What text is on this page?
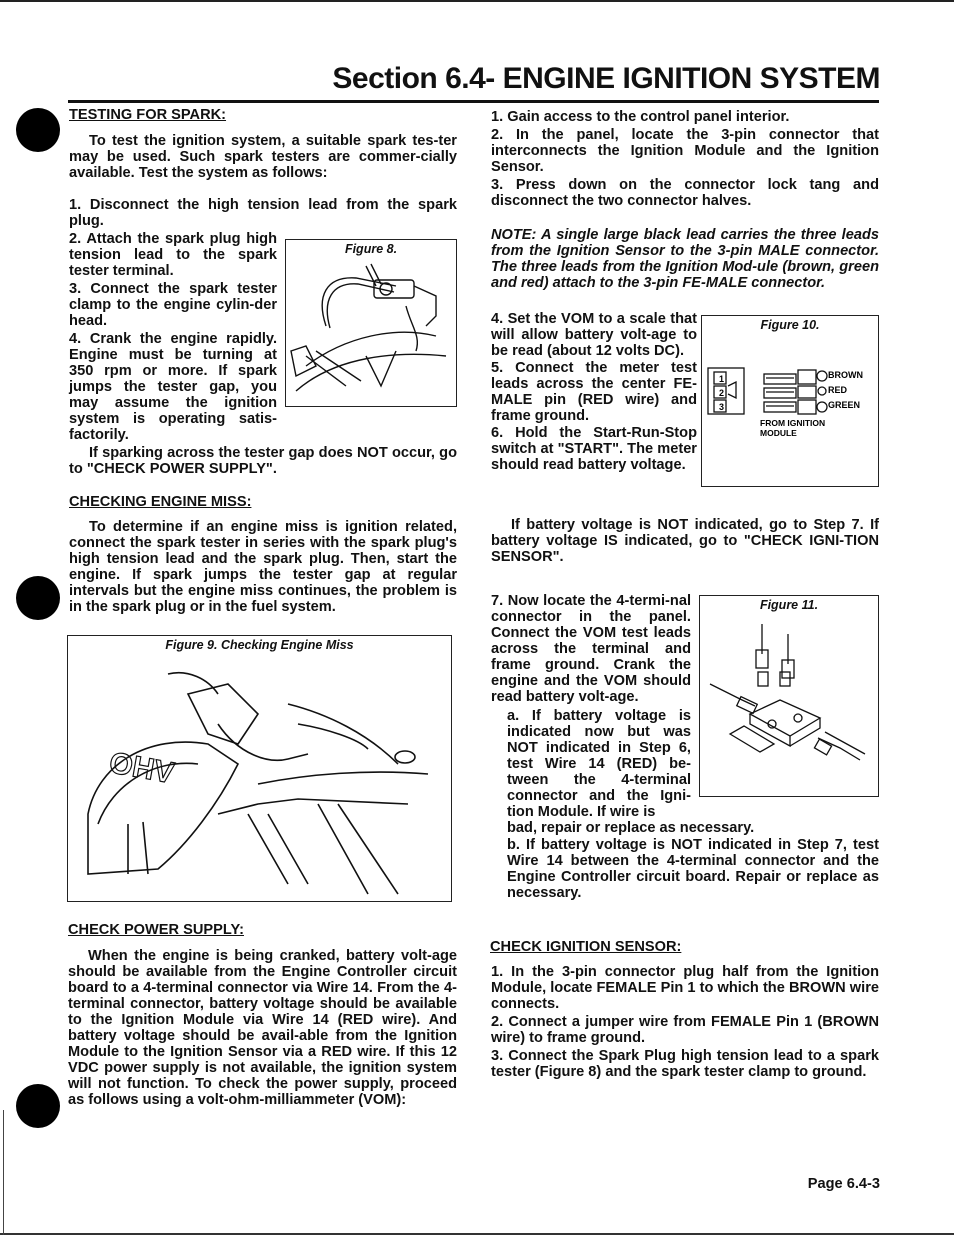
Section 6.4- ENGINE IGNITION SYSTEM

TESTING FOR SPARK:

To test the ignition system, a suitable spark tes-ter may be used. Such spark testers are commer-cially available. Test the system as follows:

1. Disconnect the high tension lead from the spark plug.

2. Attach the spark plug high tension lead to the spark tester terminal.

3. Connect the spark tester clamp to the engine cylin-der head.

4. Crank the engine rapidly. Engine must be turning at 350 rpm or more. If spark jumps the tester gap, you may assume the ignition system is operating satis-factorily.

Figure 8.

If sparking across the tester gap does NOT occur, go to "CHECK POWER SUPPLY".

CHECKING ENGINE MISS:

To determine if an engine miss is ignition related, connect the spark tester in series with the spark plug's high tension lead and the spark plug. Then, start the engine. If spark jumps the tester gap at regular intervals but the engine miss continues, the problem is in the spark plug or in the fuel system.

Figure 9. Checking Engine Miss
OHV

CHECK POWER SUPPLY:

When the engine is being cranked, battery volt-age should be available from the Engine Controller circuit board to a 4-terminal connector via Wire 14. From the 4-terminal connector, battery voltage should be available to the Ignition Module via Wire 14 (RED wire). And battery voltage should be avail-able from the Ignition Module to the Ignition Sensor via a RED wire. If this 12 VDC power supply is not available, the ignition system will not function. To check the power supply, proceed as follows using a volt-ohm-milliammeter (VOM):

1. Gain access to the control panel interior.

2. In the panel, locate the 3-pin connector that interconnects the Ignition Module and the Ignition Sensor.

3. Press down on the connector lock tang and disconnect the two connector halves.

NOTE: A single large black lead carries the three leads from the Ignition Sensor to the 3-pin MALE connector. The three leads from the Ignition Mod-ule (brown, green and red) attach to the 3-pin FE-MALE connector.

4. Set the VOM to a scale that will allow battery volt-age to be read (about 12 volts DC).

5. Connect the meter test leads across the center FE-MALE pin (RED wire) and frame ground.

6. Hold the Start-Run-Stop switch at "START". The meter should read battery voltage.

Figure 10.
1
2
3
BROWN
RED
GREEN
FROM IGNITION
MODULE

If battery voltage is NOT indicated, go to Step 7. If battery voltage IS indicated, go to "CHECK IGNI-TION SENSOR".

7. Now locate the 4-termi-nal connector in the panel. Connect the VOM test leads across the terminal and frame ground. Crank the engine and the VOM should read battery volt-age.

a. If battery voltage is indicated now but was NOT indicated in Step 6, test Wire 14 (RED) be-tween the 4-terminal connector and the Igni-tion Module. If wire is

Figure 11.

bad, repair or replace as necessary.

b. If battery voltage is NOT indicated in Step 7, test Wire 14 between the 4-terminal connector and the Engine Controller circuit board. Repair or replace as necessary.

CHECK IGNITION SENSOR:

1. In the 3-pin connector plug half from the Ignition Module, locate FEMALE Pin 1 to which the BROWN wire connects.

2. Connect a jumper wire from FEMALE Pin 1 (BROWN wire) to frame ground.

3. Connect the Spark Plug high tension lead to a spark tester (Figure 8) and the spark tester clamp to ground.

Page 6.4-3
